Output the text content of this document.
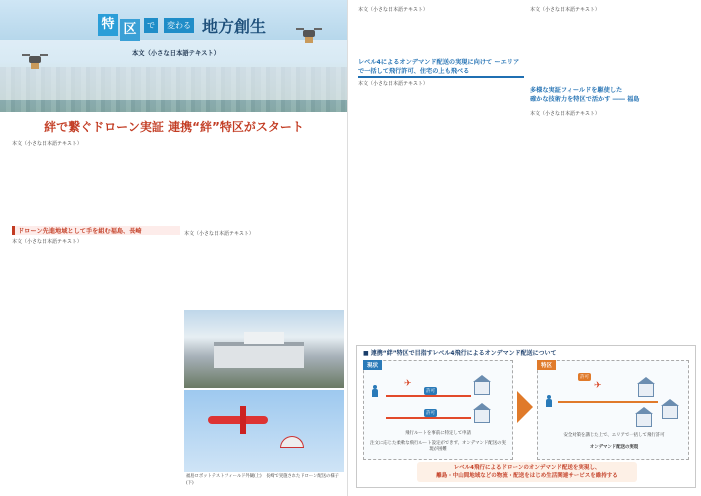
特 区	で	変わる 地方創生
本文（小さな日本語テキスト）
絆で繋ぐドローン実証 連携“絆”特区がスタート
本文（小さな日本語テキスト）
ドローン先進地域として手を組む福島、長崎
本文（小さな日本語テキスト）
本文（小さな日本語テキスト）
福島ロボットテストフィールド外観(上)　長崎で実施されたドローン配送の様子(下)
本文（小さな日本語テキスト）
レベル4によるオンデマンド配送の実現に向けて ーエリアで一括して飛行許可、住宅の上も飛べる
本文（小さな日本語テキスト）
本文（小さな日本語テキスト）
多様な実証フィールドを駆使した
確かな技術力を特区で活かす ―― 福島
本文（小さな日本語テキスト）
■ 連携“絆”特区で目指すレベル4飛行によるオンデマンド配送について
現状
✈
許可
許可
飛行ルートを事前に特定して申請
注文に応じた柔軟な飛行ルート設定ができず、オンデマンド配送の実現が困難
特区
✈
許可
安全対策を講じた上で、エリアで一括して飛行許可
オンデマンド配送の実現
レベル4飛行によるドローンのオンデマンド配送を実現し、
離島・中山間地域などの物流・配送をはじめ生活関連サービスを維持する
